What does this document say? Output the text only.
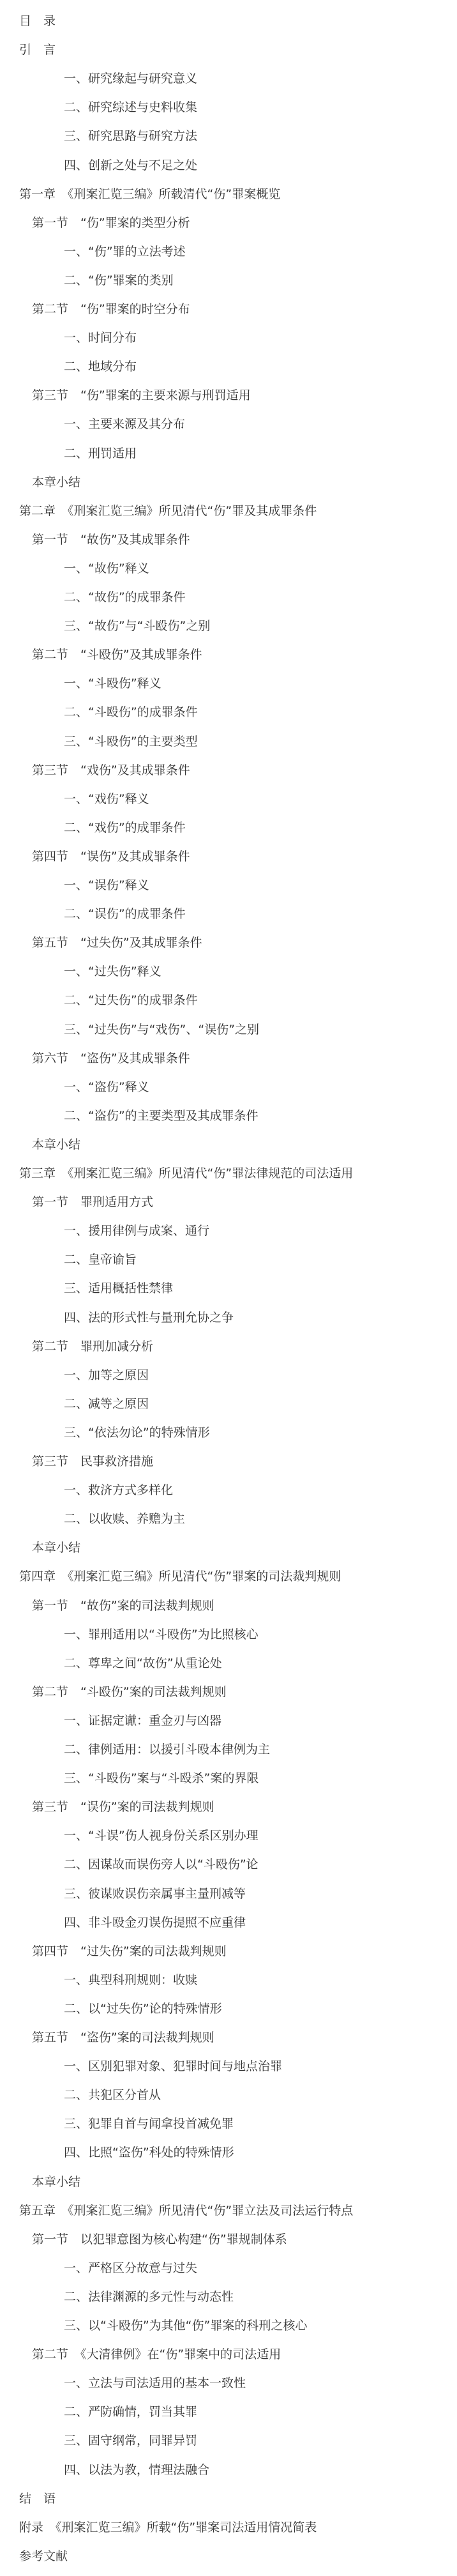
目　录
引　言
一、研究缘起与研究意义
二、研究综述与史料收集
三、研究思路与研究方法
四、创新之处与不足之处
第一章　《刑案汇览三编》所载清代“伤”罪案概览
第一节　“伤”罪案的类型分析
一、“伤”罪的立法考述
二、“伤”罪案的类别
第二节　“伤”罪案的时空分布
一、时间分布
二、地域分布
第三节　“伤”罪案的主要来源与刑罚适用
一、主要来源及其分布
二、刑罚适用
本章小结
第二章　《刑案汇览三编》所见清代“伤”罪及其成罪条件
第一节　“故伤”及其成罪条件
一、“故伤”释义
二、“故伤”的成罪条件
三、“故伤”与“斗殴伤”之别
第二节　“斗殴伤”及其成罪条件
一、“斗殴伤”释义
二、“斗殴伤”的成罪条件
三、“斗殴伤”的主要类型
第三节　“戏伤”及其成罪条件
一、“戏伤”释义
二、“戏伤”的成罪条件
第四节　“误伤”及其成罪条件
一、“误伤”释义
二、“误伤”的成罪条件
第五节　“过失伤”及其成罪条件
一、“过失伤”释义
二、“过失伤”的成罪条件
三、“过失伤”与“戏伤”、“误伤”之别
第六节　“盗伤”及其成罪条件
一、“盗伤”释义
二、“盗伤”的主要类型及其成罪条件
本章小结
第三章　《刑案汇览三编》所见清代“伤”罪法律规范的司法适用
第一节　罪刑适用方式
一、援用律例与成案、通行
二、皇帝谕旨
三、适用概括性禁律
四、法的形式性与量刑允协之争
第二节　罪刑加减分析
一、加等之原因
二、减等之原因
三、“依法勿论”的特殊情形
第三节　民事救济措施
一、救济方式多样化
二、以收赎、养赡为主
本章小结
第四章　《刑案汇览三编》所见清代“伤”罪案的司法裁判规则
第一节　“故伤”案的司法裁判规则
一、罪刑适用以“斗殴伤”为比照核心
二、尊卑之间“故伤”从重论处
第二节　“斗殴伤”案的司法裁判规则
一、证据定谳：重金刃与凶器
二、律例适用：以援引斗殴本律例为主
三、“斗殴伤”案与“斗殴杀”案的界限
第三节　“误伤”案的司法裁判规则
一、“斗误”伤人视身份关系区别办理
二、因谋故而误伤旁人以“斗殴伤”论
三、彼谋败误伤亲属事主量刑减等
四、非斗殴金刃误伤提照不应重律
第四节　“过失伤”案的司法裁判规则
一、典型科刑规则：收赎
二、以“过失伤”论的特殊情形
第五节　“盗伤”案的司法裁判规则
一、区别犯罪对象、犯罪时间与地点治罪
二、共犯区分首从
三、犯罪自首与闻拿投首减免罪
四、比照“盗伤”科处的特殊情形
本章小结
第五章　《刑案汇览三编》所见清代“伤”罪立法及司法运行特点
第一节　以犯罪意图为核心构建“伤”罪规制体系
一、严格区分故意与过失
二、法律渊源的多元性与动态性
三、以“斗殴伤”为其他“伤”罪案的科刑之核心
第二节　《大清律例》在“伤”罪案中的司法适用
一、立法与司法适用的基本一致性
二、严防确情，罚当其罪
三、固守纲常，同罪异罚
四、以法为教，情理法融合
结　语
附录　《刑案汇览三编》所载“伤”罪案司法适用情况简表
参考文献
